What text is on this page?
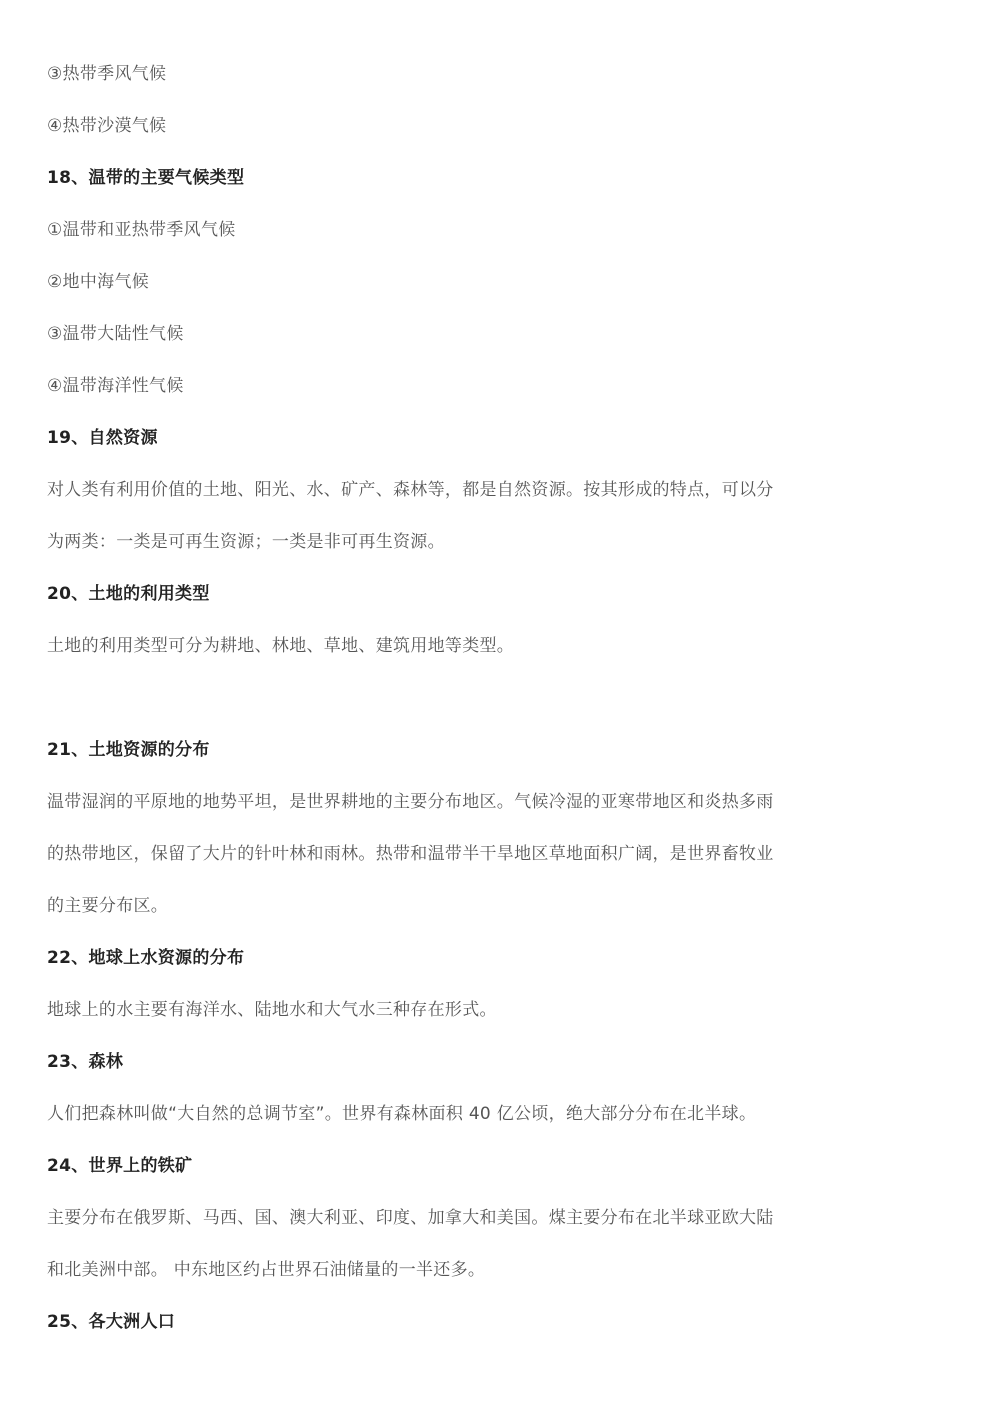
③热带季风气候
④热带沙漠气候
18、温带的主要气候类型
①温带和亚热带季风气候
②地中海气候
③温带大陆性气候
④温带海洋性气候
19、自然资源
对人类有利用价值的土地、阳光、水、矿产、森林等，都是自然资源。按其形成的特点，可以分
为两类：一类是可再生资源；一类是非可再生资源。
20、土地的利用类型
土地的利用类型可分为耕地、林地、草地、建筑用地等类型。
21、土地资源的分布
温带湿润的平原地的地势平坦，是世界耕地的主要分布地区。气候冷湿的亚寒带地区和炎热多雨
的热带地区，保留了大片的针叶林和雨林。热带和温带半干旱地区草地面积广阔，是世界畜牧业
的主要分布区。
22、地球上水资源的分布
地球上的水主要有海洋水、陆地水和大气水三种存在形式。
23、森林
人们把森林叫做“大自然的总调节室”。世界有森林面积 40 亿公顷，绝大部分分布在北半球。
24、世界上的铁矿
主要分布在俄罗斯、马西、国、澳大利亚、印度、加拿大和美国。煤主要分布在北半球亚欧大陆
和北美洲中部。 中东地区约占世界石油储量的一半还多。
25、各大洲人口
